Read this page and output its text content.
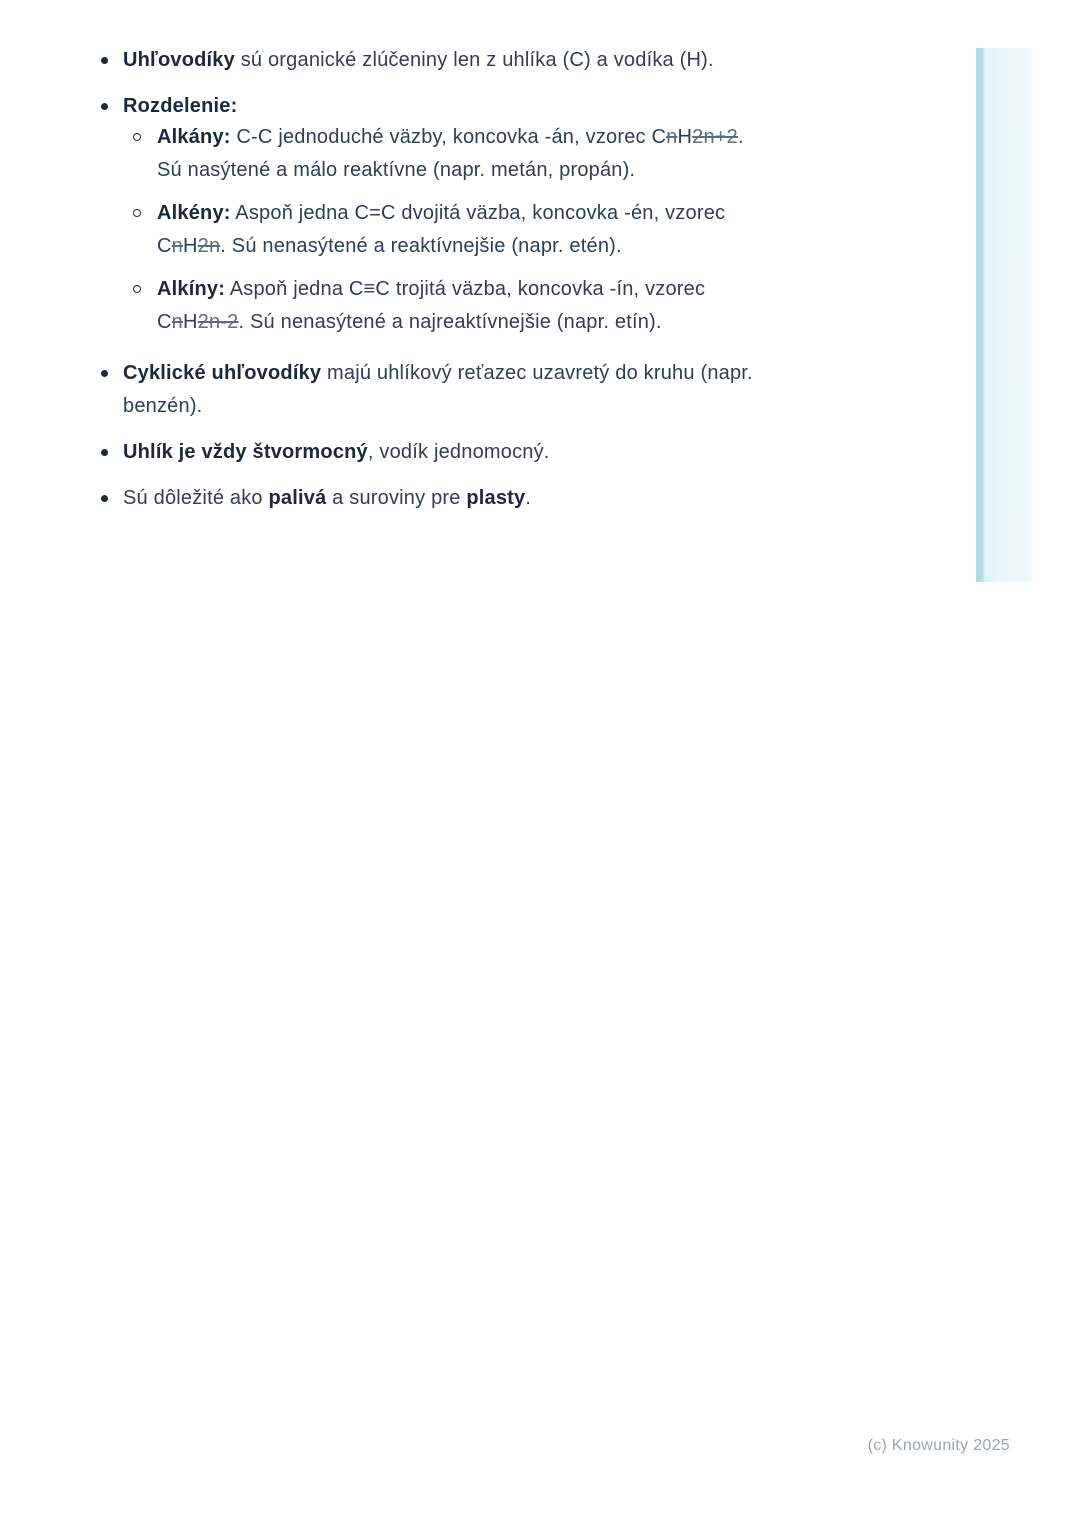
Uhľovodíky sú organické zlúčeniny len z uhlíka (C) a vodíka (H).
Rozdelenie:
Alkány: C-C jednoduché väzby, koncovka -án, vzorec CnH2n+2.
Sú nasýtené a málo reaktívne (napr. metán, propán).
Alkény: Aspoň jedna C=C dvojitá väzba, koncovka -én, vzorec
CnH2n. Sú nenasýtené a reaktívnejšie (napr. etén).
Alkíny: Aspoň jedna C≡C trojitá väzba, koncovka -ín, vzorec
CnH2n-2. Sú nenasýtené a najreaktívnejšie (napr. etín).
Cyklické uhľovodíky majú uhlíkový reťazec uzavretý do kruhu (napr.
benzén).
Uhlík je vždy štvormocný, vodík jednomocný.
Sú dôležité ako palivá a suroviny pre plasty.
(c) Knowunity 2025
